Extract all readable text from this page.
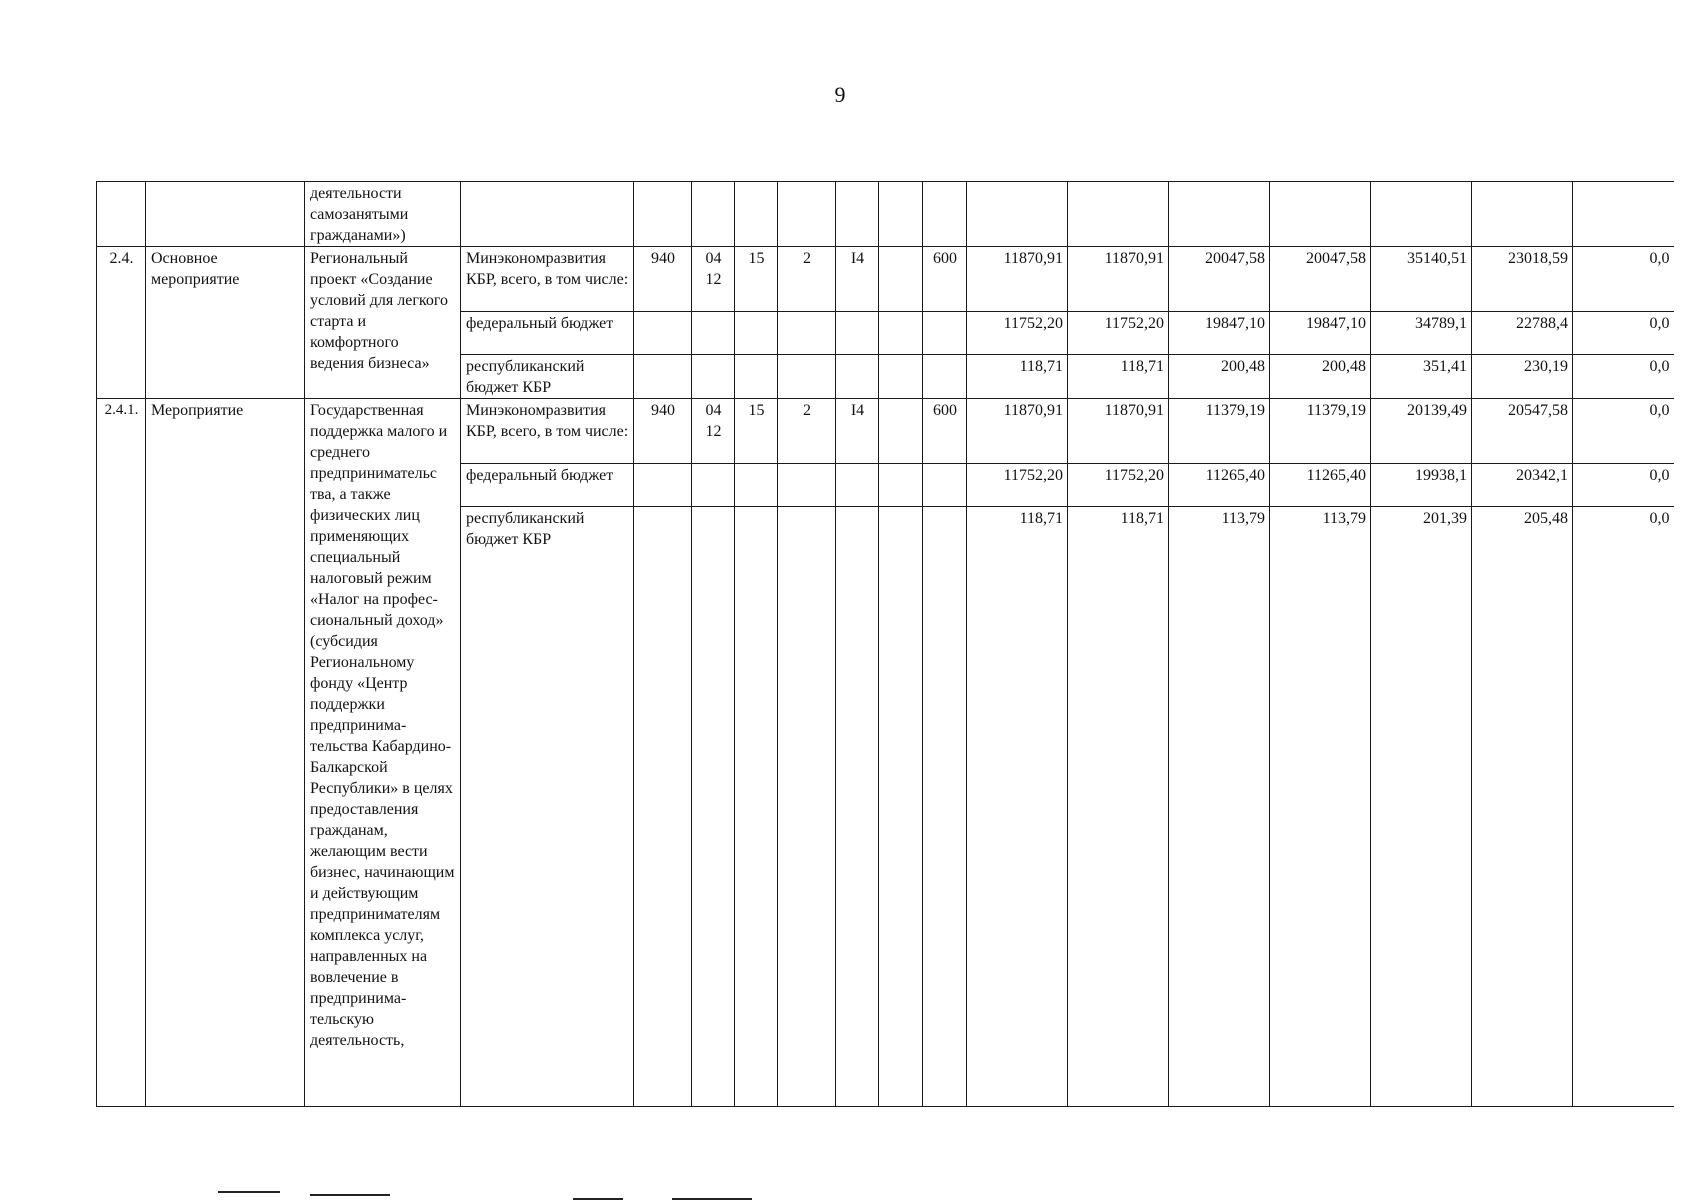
9
		деятельности самозанятыми гражданами»)															
2.4.	Основное мероприятие	Региональный проект «Создание условий для легкого старта и комфортного ведения бизнеса»	Минэкономразвития КБР, всего, в том числе:	940	04 12	15	2	I4		600	11870,91	11870,91	20047,58	20047,58	35140,51	23018,59	0,0
			федеральный бюджет								11752,20	11752,20	19847,10	19847,10	34789,1	22788,4	0,0
			республиканский бюджет КБР								118,71	118,71	200,48	200,48	351,41	230,19	0,0
2.4.1.	Мероприятие	Государственная поддержка малого и среднего предпринимательс тва, а также физических лиц применяющих специальный налоговый режим «Налог на профес- сиональный доход» (субсидия Региональному фонду «Центр поддержки предпринима- тельства Кабардино- Балкарской Республики» в целях предоставления гражданам, желающим вести бизнес, начинающим и действующим предпринимателям комплекса услуг, направленных на вовлечение в предпринима- тельскую деятельность,	Минэкономразвития КБР, всего, в том числе:	940	04 12	15	2	I4		600	11870,91	11870,91	11379,19	11379,19	20139,49	20547,58	0,0
			федеральный бюджет								11752,20	11752,20	11265,40	11265,40	19938,1	20342,1	0,0
			республиканский бюджет КБР								118,71	118,71	113,79	113,79	201,39	205,48	0,0
